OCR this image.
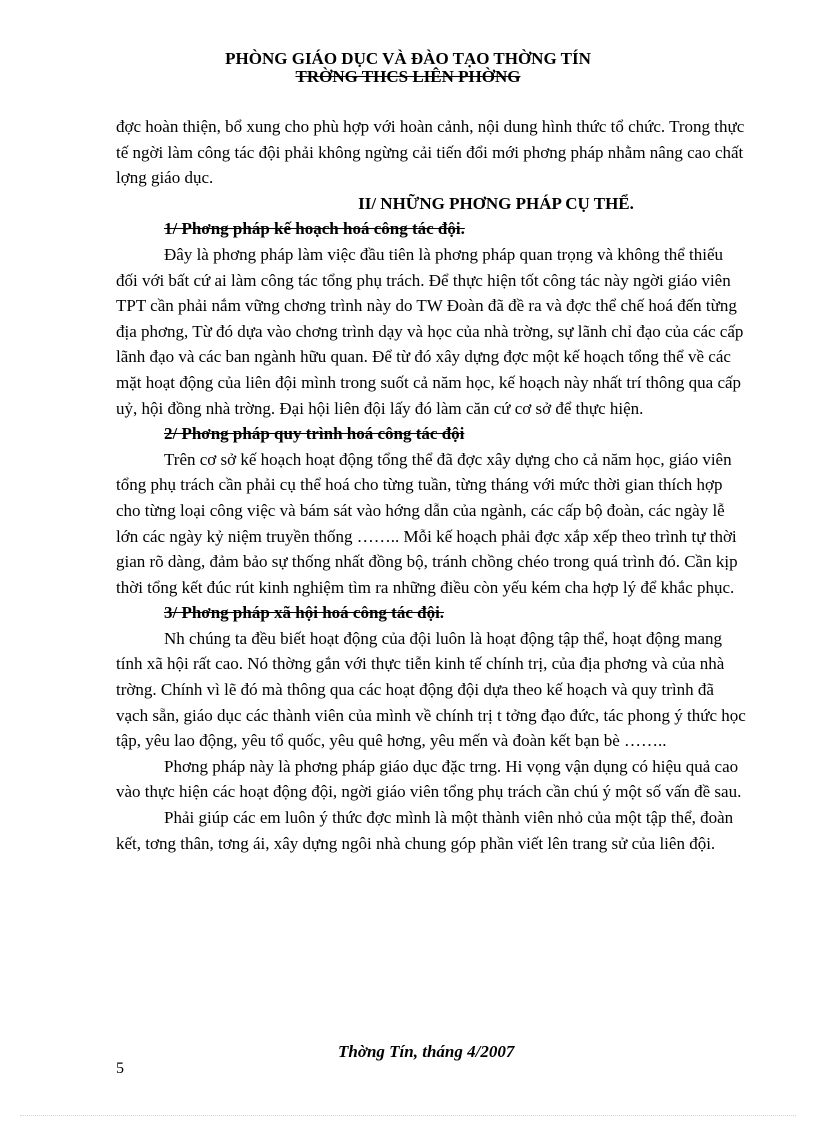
PHÒNG GIÁO DỤC VÀ ĐÀO TẠO THỜNG TÍN
TRỜNG THCS LIÊN PHỜNG

đợc hoàn thiện, bổ xung cho phù hợp với hoàn cảnh, nội dung hình thức tổ chức. Trong thực tế ngời làm công tác đội phải không ngừng cải tiến đổi mới phơng pháp nhằm nâng cao chất lợng giáo dục.

II/ NHỮNG PHƠNG PHÁP CỤ THỂ.

1/ Phơng pháp kế hoạch hoá công tác đội.

Đây là phơng pháp làm việc đầu tiên là phơng pháp quan trọng và không thể thiếu đối với bất cứ ai làm công tác tổng phụ trách. Để thực hiện tốt công tác này ngời giáo viên TPT cần phải nắm vững chơng trình này do TW Đoàn đã đề ra và đợc thể chế hoá đến từng địa phơng, Từ đó dựa vào chơng trình dạy và học của nhà trờng, sự lãnh chỉ đạo của các cấp lãnh đạo và các ban ngành hữu quan. Để từ đó xây dựng đợc một kế hoạch tổng thể về các mặt hoạt động của liên đội mình trong suốt cả năm học, kế hoạch này nhất trí thông qua cấp uỷ, hội đồng nhà trờng. Đại hội liên đội lấy đó làm căn cứ cơ sở để thực hiện.

2/ Phơng pháp quy trình hoá công tác đội

Trên cơ sở kế hoạch hoạt động tổng thể đã đợc xây dựng cho cả năm học, giáo viên tổng phụ trách cần phải cụ thể hoá cho từng tuần, từng tháng với mức thời gian thích hợp cho từng loại công việc và bám sát vào hớng dẫn của ngành, các cấp bộ đoàn, các ngày lễ lớn các ngày kỷ niệm truyền thống …….. Mỗi kế hoạch phải đợc xắp xếp theo trình tự thời gian rõ dàng, đảm bảo sự thống nhất đồng bộ, tránh chồng chéo trong quá trình đó. Cần kịp thời tổng kết đúc rút kinh nghiệm tìm ra những điều còn yếu kém cha hợp lý để khắc phục.

3/ Phơng pháp xã hội hoá công tác đội.

Nh chúng ta đều biết hoạt động của đội luôn là hoạt động tập thể, hoạt động mang tính xã hội rất cao. Nó thờng gắn với thực tiễn kinh tế chính trị, của địa phơng và của nhà trờng. Chính vì lẽ đó mà thông qua các hoạt động đội dựa theo kế hoạch và quy trình đã vạch sẵn, giáo dục các thành viên của mình về chính trị t tởng đạo đức, tác phong ý thức học tập, yêu lao động, yêu tổ quốc, yêu quê hơng, yêu mến và đoàn kết bạn bè ……..

Phơng pháp này là phơng pháp giáo dục đặc trng. Hi vọng vận dụng có hiệu quả cao vào thực hiện các hoạt động đội, ngời giáo viên tổng phụ trách cần chú ý một số vấn đề sau.

Phải giúp các em luôn ý thức đợc mình là một thành viên nhỏ của một tập thể, đoàn kết, tơng thân, tơng ái, xây dựng ngôi nhà chung góp phần viết lên trang sử của liên đội.

Thờng Tín, tháng 4/2007
5
